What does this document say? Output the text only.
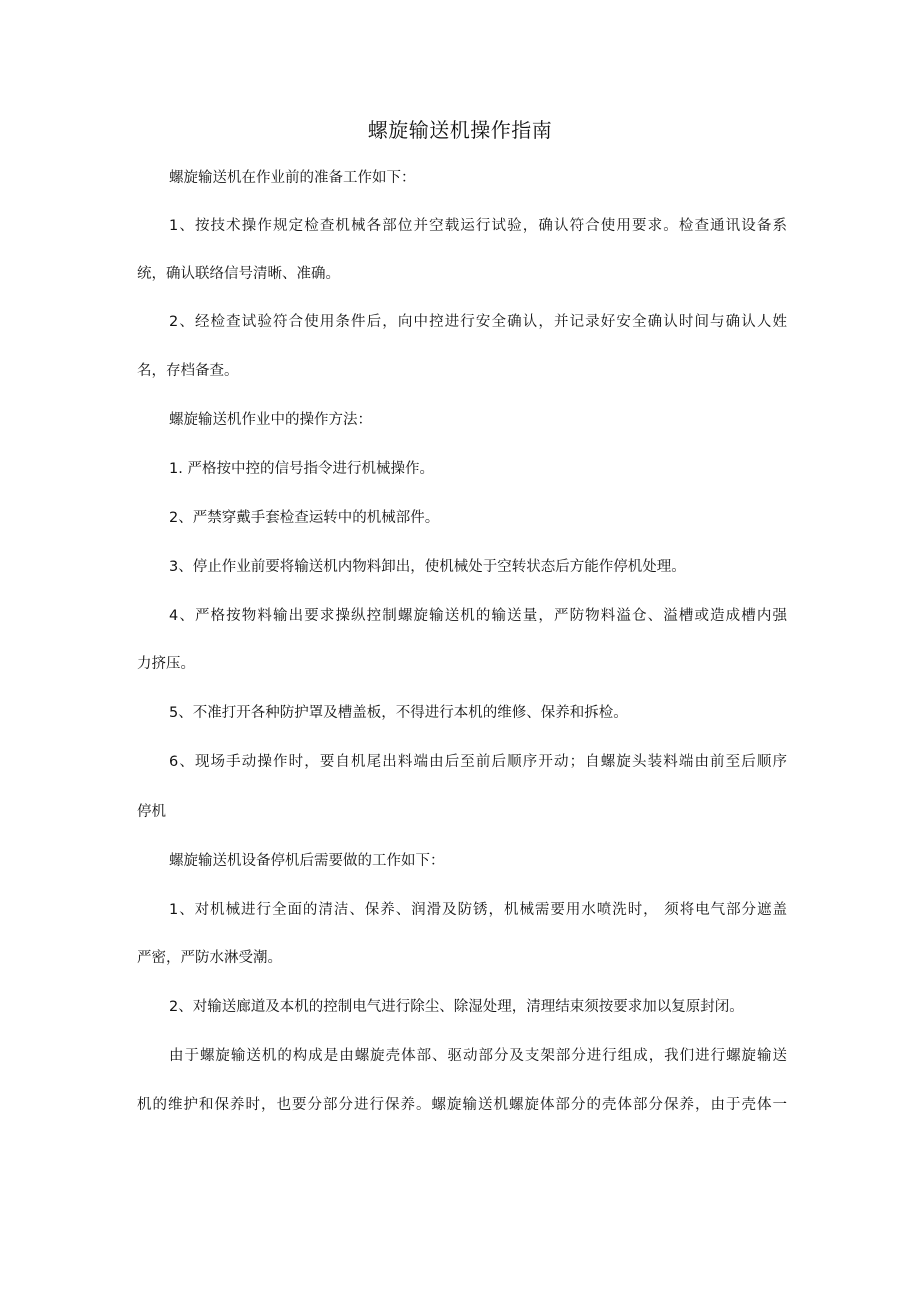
螺旋输送机操作指南
螺旋输送机在作业前的准备工作如下：
1、按技术操作规定检查机械各部位并空载运行试验，确认符合使用要求。检查通讯设备系
统，确认联络信号清晰、准确。
2、经检查试验符合使用条件后，向中控进行安全确认，并记录好安全确认时间与确认人姓
名，存档备查。
螺旋输送机作业中的操作方法：
1. 严格按中控的信号指令进行机械操作。
2、严禁穿戴手套检查运转中的机械部件。
3、停止作业前要将输送机内物料卸出，使机械处于空转状态后方能作停机处理。
4、严格按物料输出要求操纵控制螺旋输送机的输送量，严防物料溢仓、溢槽或造成槽内强
力挤压。
5、不准打开各种防护罩及槽盖板，不得进行本机的维修、保养和拆检。
6、现场手动操作时，要自机尾出料端由后至前后顺序开动；自螺旋头装料端由前至后顺序
停机
螺旋输送机设备停机后需要做的工作如下：
1、对机械进行全面的清洁、保养、润滑及防锈，机械需要用水喷洗时， 须将电气部分遮盖
严密，严防水淋受潮。
2、对输送廊道及本机的控制电气进行除尘、除湿处理，清理结束须按要求加以复原封闭。
由于螺旋输送机的构成是由螺旋壳体部、驱动部分及支架部分进行组成，我们进行螺旋输送
机的维护和保养时，也要分部分进行保养。螺旋输送机螺旋体部分的壳体部分保养，由于壳体一
